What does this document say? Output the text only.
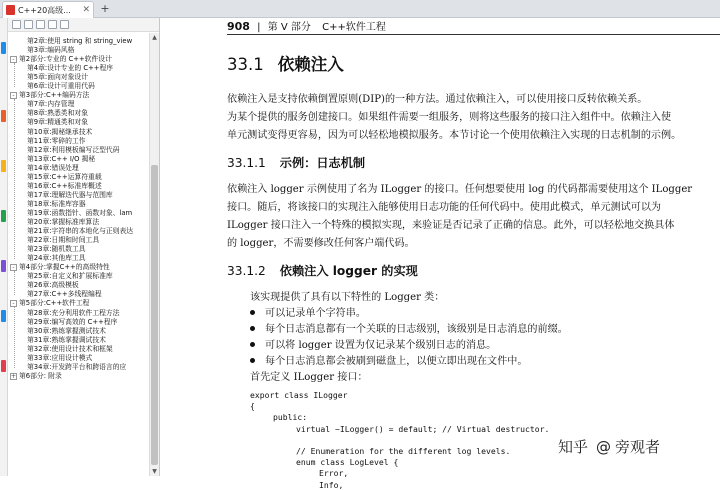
C++20高级...	✕ +
第2章:使用 string 和 string_view
第3章:编码风格
- 第2部分:专业的 C++软件设计
第4章:设计专业的 C++程序
第5章:面向对象设计
第6章:设计可重用代码
- 第3部分:C++编码方法
第7章:内存管理
第8章:熟悉类和对象
第9章:精通类和对象
第10章:揭秘继承技术
第11章:零碎的工作
第12章:利用模板编写泛型代码
第13章:C++ I/O 揭秘
第14章:错误处理
第15章:C++运算符重载
第16章:C++标准库概述
第17章:理解迭代器与范围库
第18章:标准库容器
第19章:函数指针、函数对象、lam
第20章:掌握标准库算法
第21章:字符串的本地化与正则表达
第22章:日期和时间工具
第23章:随机数工具
第24章:其他库工具
- 第4部分:掌握C++的高级特性
第25章:自定义和扩展标准库
第26章:高级模板
第27章:C++多线程编程
- 第5部分:C++软件工程
第28章:充分利用软件工程方法
第29章:编写高效的 C++程序
第30章:熟练掌握测试技术
第31章:熟练掌握调试技术
第32章:使用设计技术和框架
第33章:应用设计模式
第34章:开发跨平台和跨语言的应
+ 第6部分: 附录
▲
▼
908 | 第 V 部分 C++软件工程
33.1 依赖注入
依赖注入是支持依赖倒置原则(DIP)的一种方法。通过依赖注入，可以使用接口反转依赖关系。
为某个提供的服务创建接口。如果组件需要一组服务，则将这些服务的接口注入组件中。依赖注入使
单元测试变得更容易，因为可以轻松地模拟服务。本节讨论一个使用依赖注入实现的日志机制的示例。
33.1.1 示例：日志机制
依赖注入 logger 示例使用了名为 ILogger 的接口。任何想要使用 log 的代码都需要使用这个 ILogger
接口。随后，将该接口的实现注入能够使用日志功能的任何代码中。使用此模式，单元测试可以为
ILogger 接口注入一个特殊的模拟实现，来验证是否记录了正确的信息。此外，可以轻松地交换具体
的 logger，不需要修改任何客户端代码。
33.1.2 依赖注入 logger 的实现
该实现提供了具有以下特性的 Logger 类：
可以记录单个字符串。
每个日志消息都有一个关联的日志级别，该级别是日志消息的前缀。
可以将 logger 设置为仅记录某个级别日志的消息。
每个日志消息都会被刷到磁盘上，以便立即出现在文件中。
首先定义 ILogger 接口：
export class ILogger
{
public:
virtual ~ILogger() = default; // Virtual destructor.
// Enumeration for the different log levels.
enum class LogLevel {
Error,
Info,
知乎 @ 旁观者
